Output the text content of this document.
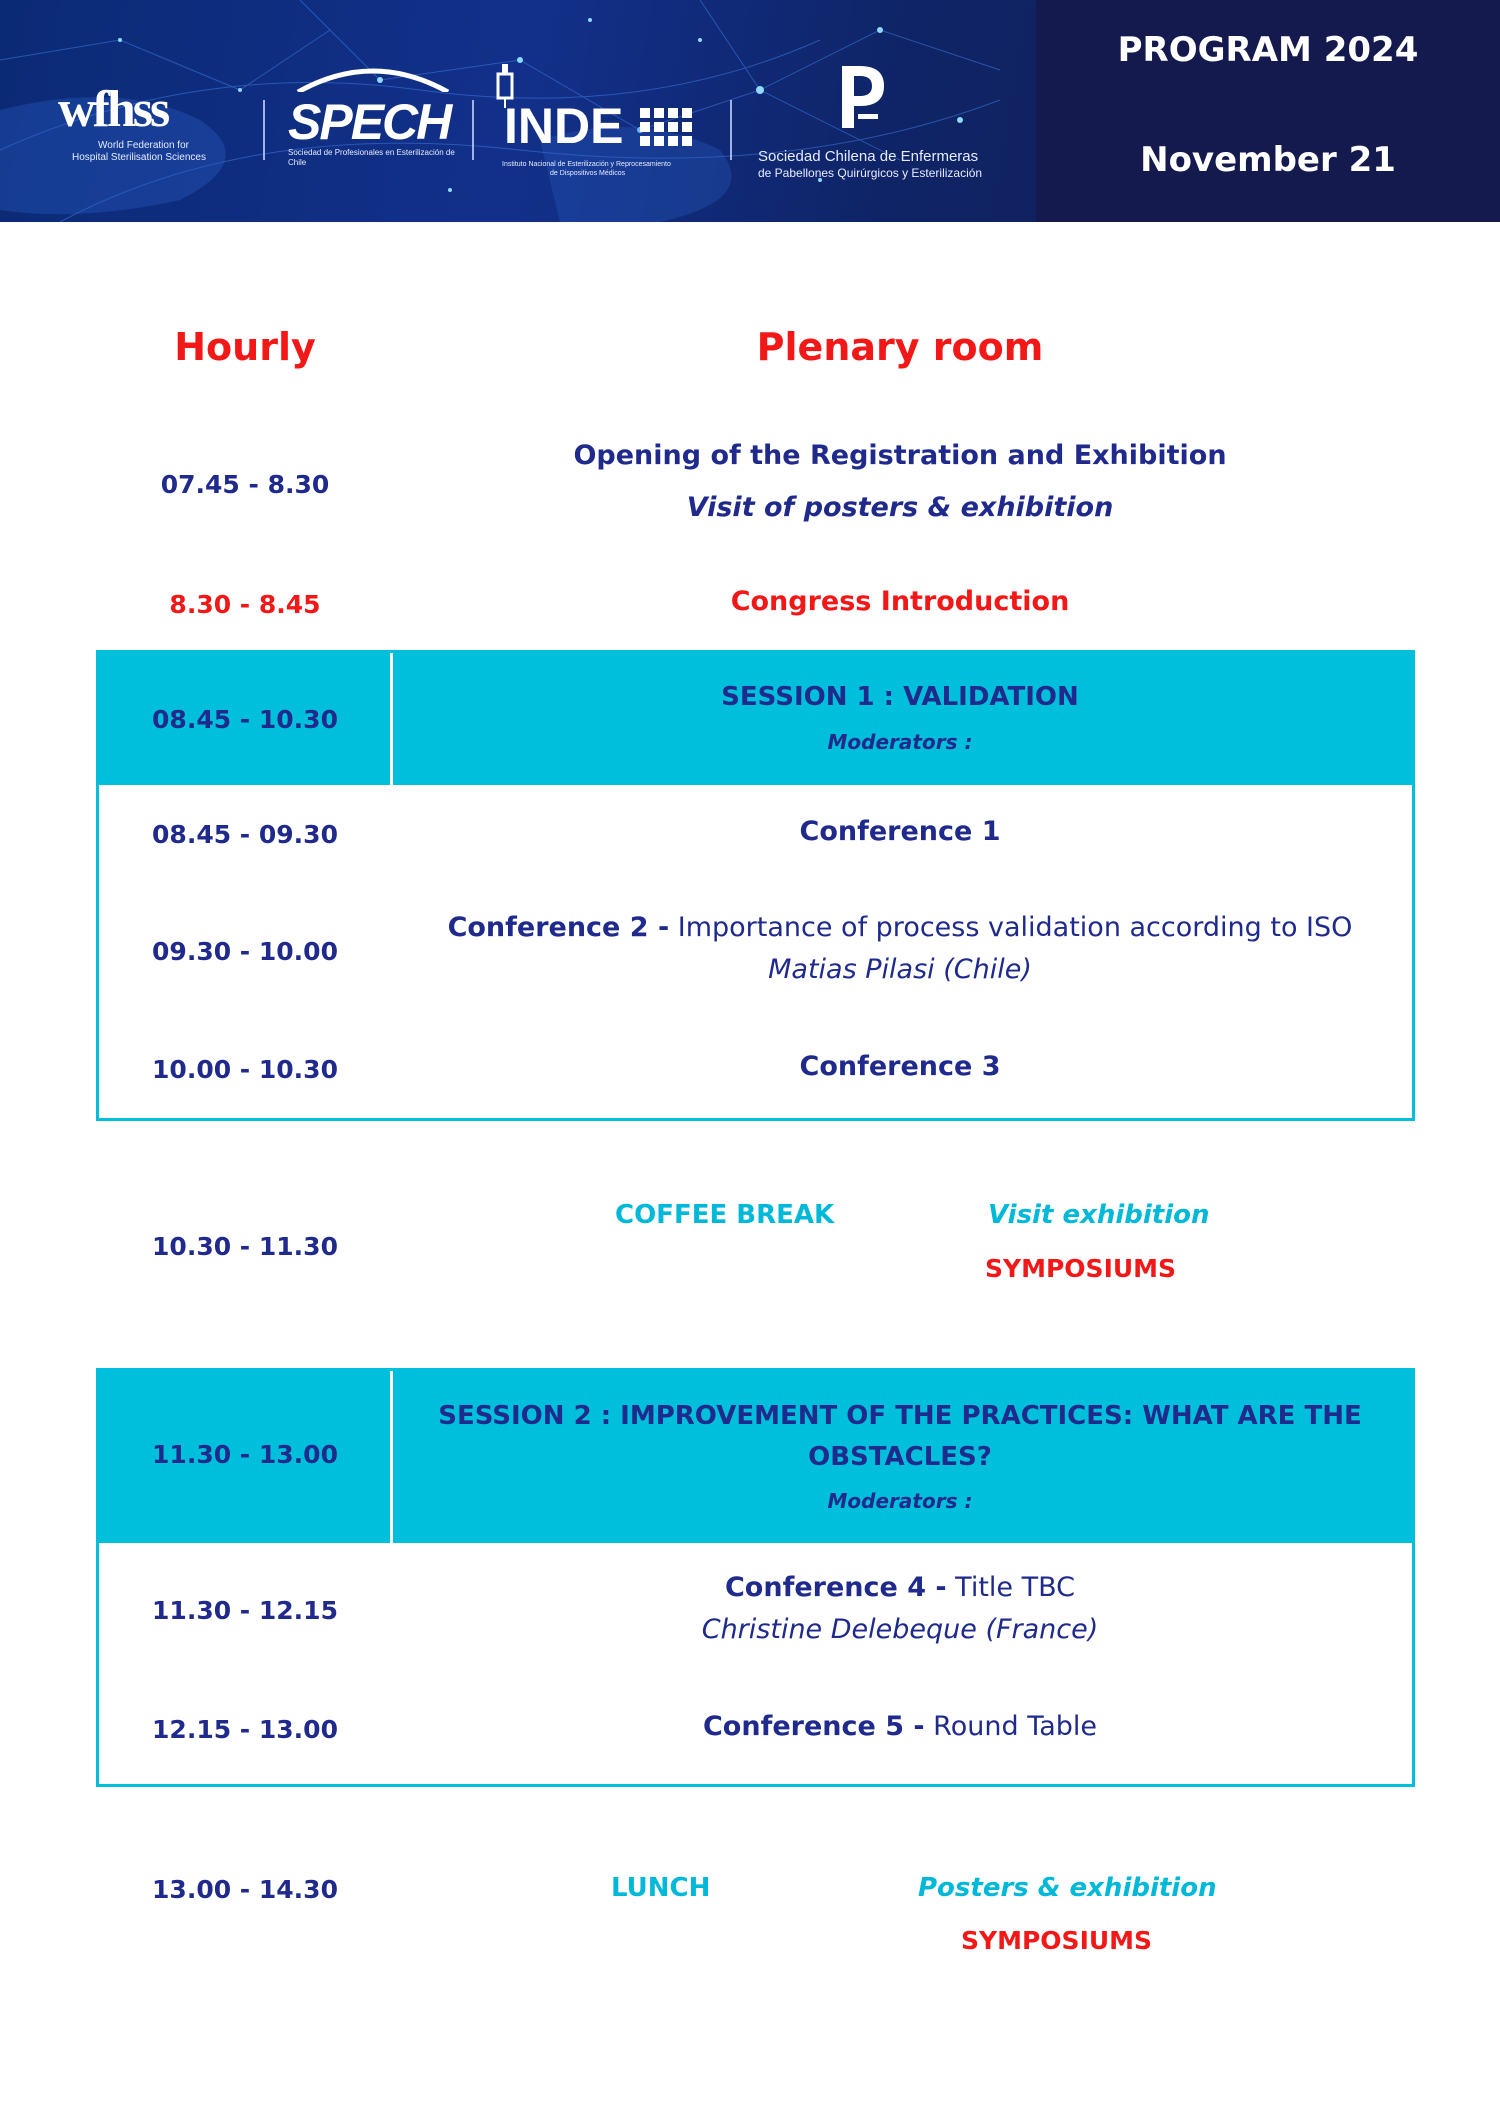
wfhss
World Federation for
Hospital Sterilisation Sciences
SPECH
Sociedad de Profesionales en Esterilización de Chile
INDE
Instituto Nacional de Esterilización y Reprocesamiento
de Dispositivos Médicos
Sociedad Chilena de Enfermeras
de Pabellones Quirúrgicos y Esterilización
PROGRAM 2024
November 21
Hourly	Plenary room
07.45 - 8.30
Opening of the Registration and Exhibition
Visit of posters & exhibition
8.30 - 8.45	Congress Introduction
08.45 - 10.30
SESSION 1 : VALIDATION
Moderators :
08.45 - 09.30	Conference 1
09.30 - 10.00
Conference 2 - Importance of process validation according to ISO
Matias Pilasi (Chile)
10.00 - 10.30	Conference 3
10.30 - 11.30
COFFEE BREAK	Visit exhibition
SYMPOSIUMS
11.30 - 13.00
SESSION 2 : IMPROVEMENT OF THE PRACTICES: WHAT ARE THE
OBSTACLES?
Moderators :
11.30 - 12.15
Conference 4 - Title TBC
Christine Delebeque (France)
12.15 - 13.00	Conference 5 - Round Table
13.00 - 14.30	LUNCH	Posters & exhibition
SYMPOSIUMS
